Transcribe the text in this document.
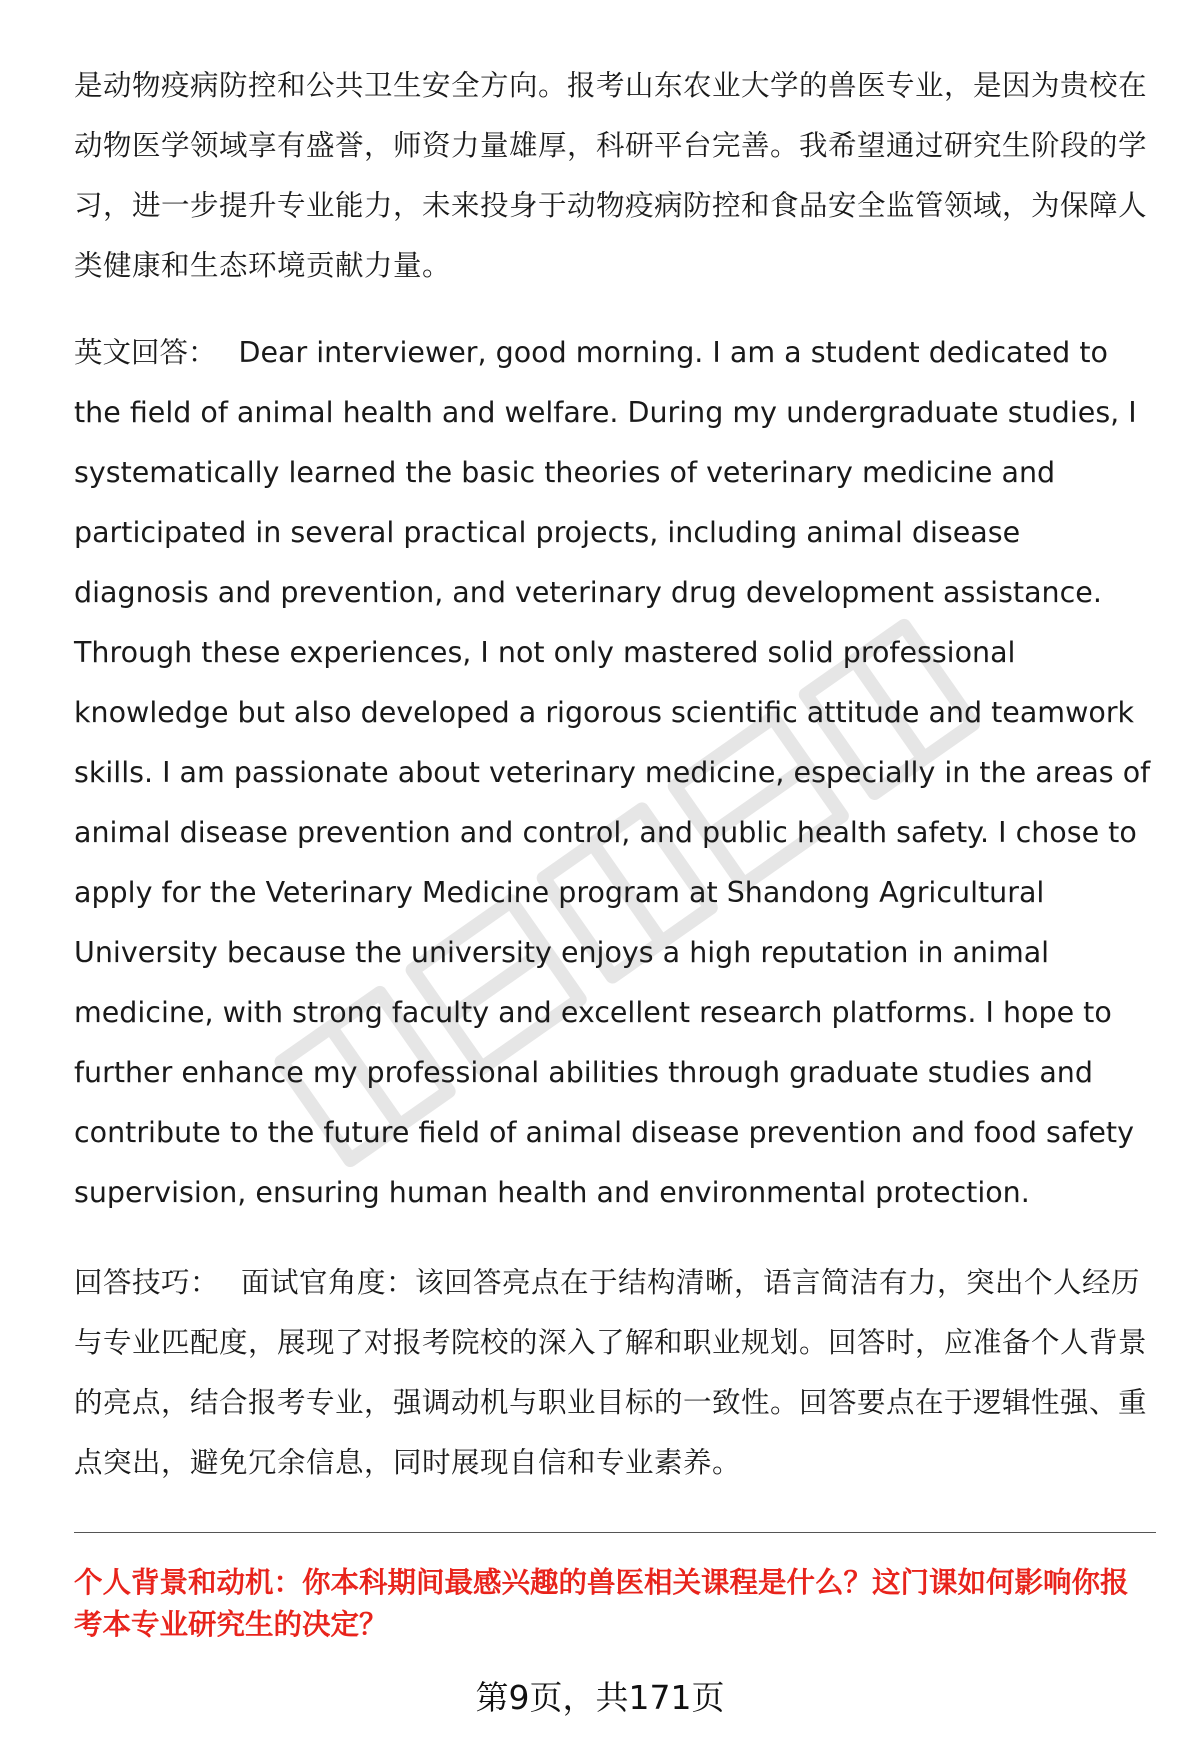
是动物疫病防控和公共卫生安全方向。报考山东农业大学的兽医专业，是因为贵校在动物医学领域享有盛誉，师资力量雄厚，科研平台完善。我希望通过研究生阶段的学习，进一步提升专业能力，未来投身于动物疫病防控和食品安全监管领域，为保障人类健康和生态环境贡献力量。

英文回答： Dear interviewer, good morning. I am a student dedicated to the field of animal health and welfare. During my undergraduate studies, I systematically learned the basic theories of veterinary medicine and participated in several practical projects, including animal disease diagnosis and prevention, and veterinary drug development assistance. Through these experiences, I not only mastered solid professional knowledge but also developed a rigorous scientific attitude and teamwork skills. I am passionate about veterinary medicine, especially in the areas of animal disease prevention and control, and public health safety. I chose to apply for the Veterinary Medicine program at Shandong Agricultural University because the university enjoys a high reputation in animal medicine, with strong faculty and excellent research platforms. I hope to further enhance my professional abilities through graduate studies and contribute to the future field of animal disease prevention and food safety supervision, ensuring human health and environmental protection.

回答技巧： 面试官角度：该回答亮点在于结构清晰，语言简洁有力，突出个人经历与专业匹配度，展现了对报考院校的深入了解和职业规划。回答时，应准备个人背景的亮点，结合报考专业，强调动机与职业目标的一致性。回答要点在于逻辑性强、重点突出，避免冗余信息，同时展现自信和专业素养。

个人背景和动机：你本科期间最感兴趣的兽医相关课程是什么？这门课如何影响你报考本专业研究生的决定？

第9页，共171页
